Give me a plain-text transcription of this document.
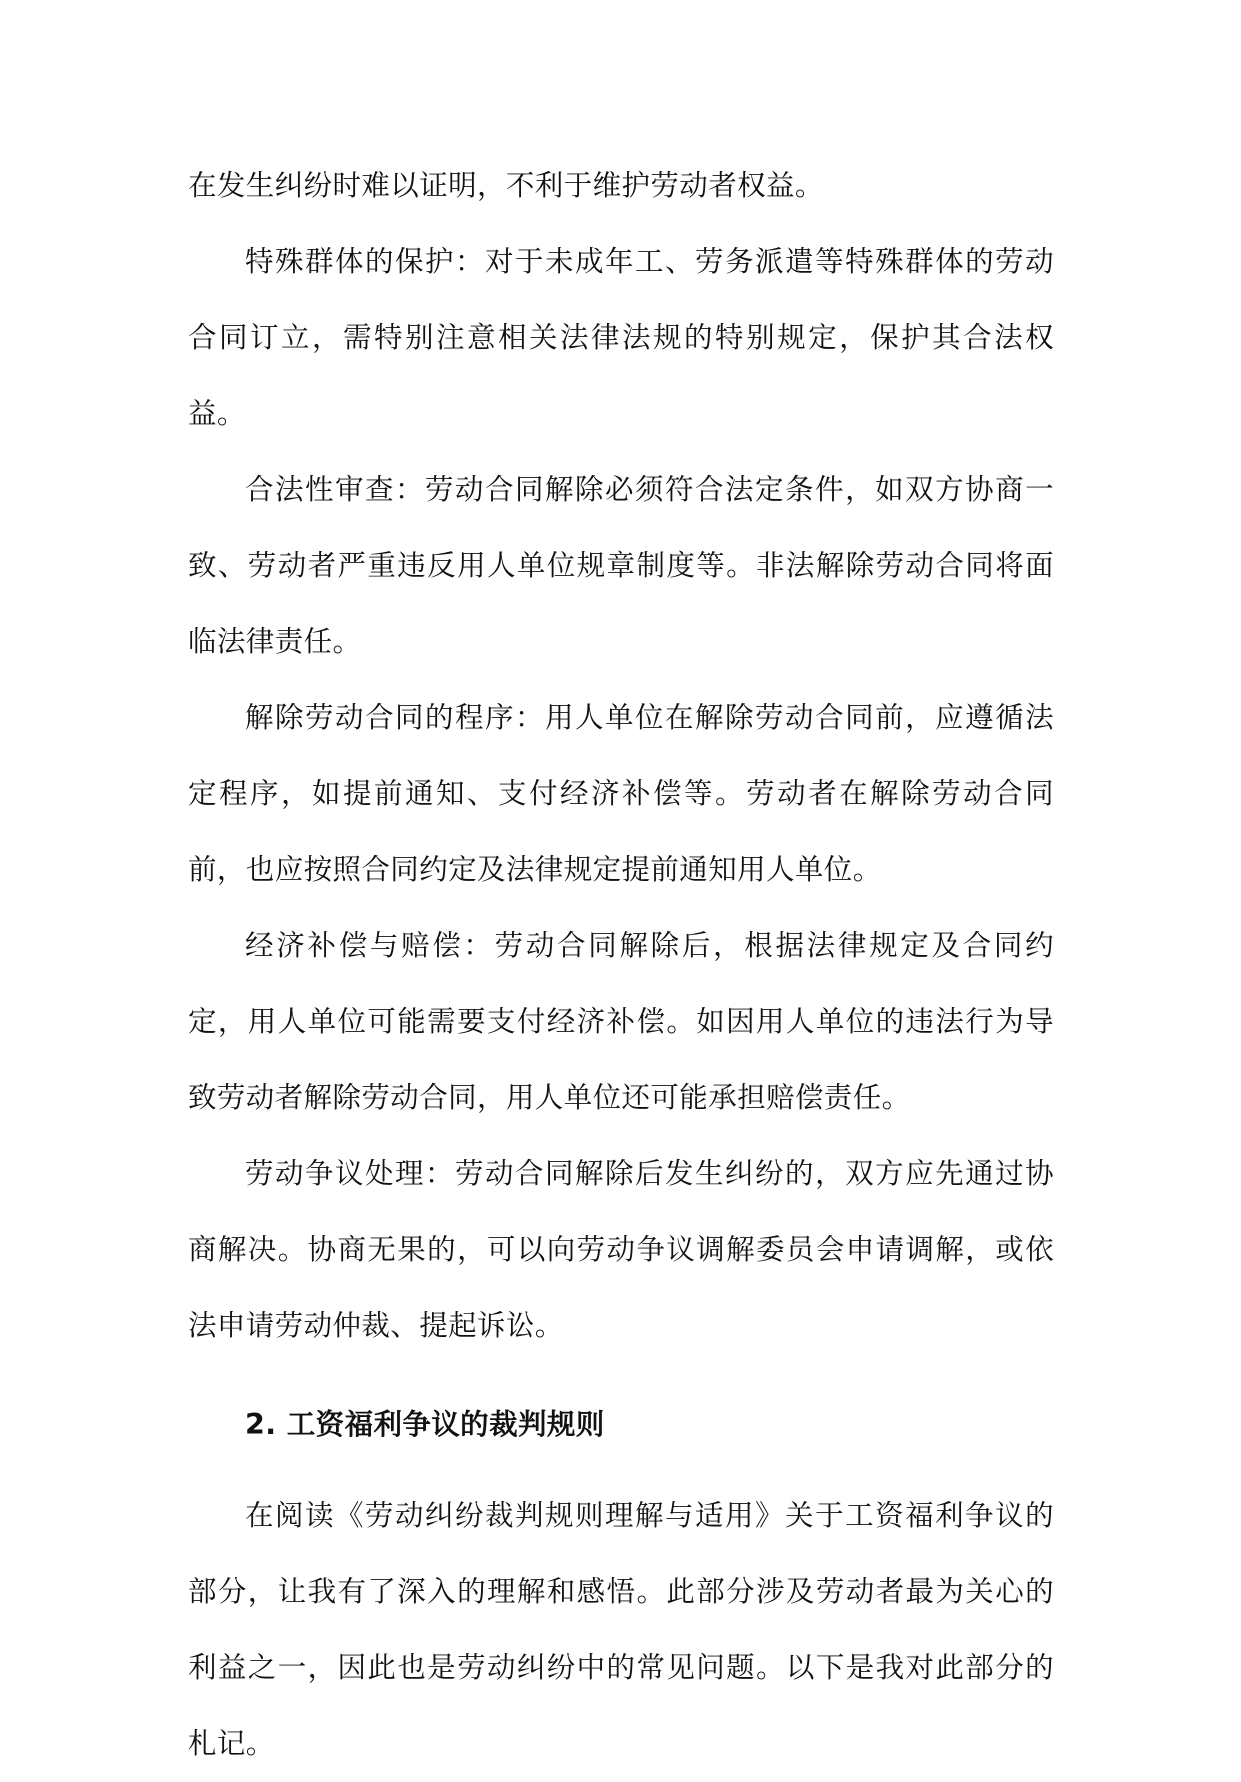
在发生纠纷时难以证明，不利于维护劳动者权益。

特殊群体的保护：对于未成年工、劳务派遣等特殊群体的劳动合同订立，需特别注意相关法律法规的特别规定，保护其合法权益。

合法性审查：劳动合同解除必须符合法定条件，如双方协商一致、劳动者严重违反用人单位规章制度等。非法解除劳动合同将面临法律责任。

解除劳动合同的程序：用人单位在解除劳动合同前，应遵循法定程序，如提前通知、支付经济补偿等。劳动者在解除劳动合同前，也应按照合同约定及法律规定提前通知用人单位。

经济补偿与赔偿：劳动合同解除后，根据法律规定及合同约定，用人单位可能需要支付经济补偿。如因用人单位的违法行为导致劳动者解除劳动合同，用人单位还可能承担赔偿责任。

劳动争议处理：劳动合同解除后发生纠纷的，双方应先通过协商解决。协商无果的，可以向劳动争议调解委员会申请调解，或依法申请劳动仲裁、提起诉讼。

2. 工资福利争议的裁判规则

在阅读《劳动纠纷裁判规则理解与适用》关于工资福利争议的部分，让我有了深入的理解和感悟。此部分涉及劳动者最为关心的利益之一，因此也是劳动纠纷中的常见问题。以下是我对此部分的札记。
